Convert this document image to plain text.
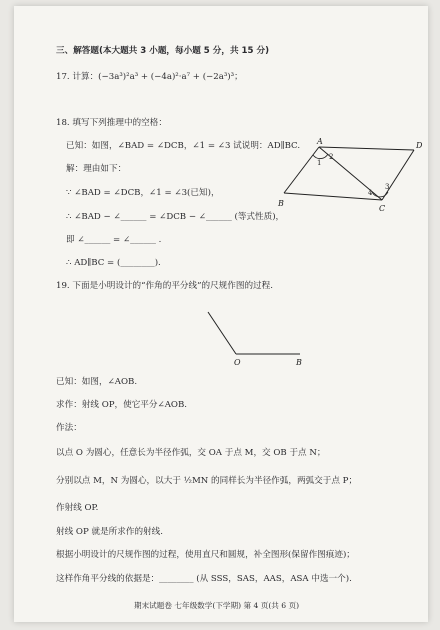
三、解答题(本大题共 3 小题，每小题 5 分，共 15 分)
17. 计算：(−3a³)²a³ + (−4a)²·a⁷ + (−2a³)³；
18. 填写下列推理中的空格：
已知：如图，∠BAD = ∠DCB，∠1 = ∠3 试说明：AD∥BC.
解：理由如下：
∵ ∠BAD = ∠DCB，∠1 = ∠3(已知)，
∴ ∠BAD − ∠______ = ∠DCB − ∠______ (等式性质)，
即 ∠______ = ∠______ .
∴ AD∥BC = (________).
A	D
B
C
1
2
3
4
19. 下面是小明设计的“作角的平分线”的尺规作图的过程.
O	B
已知：如图，∠AOB.
求作：射线 OP，使它平分∠AOB.
作法：
以点 O 为圆心，任意长为半径作弧，交 OA 于点 M，交 OB 于点 N；
分别以点 M，N 为圆心，以大于 ½MN 的同样长为半径作弧，两弧交于点 P；
作射线 OP.
射线 OP 就是所求作的射线.
根据小明设计的尺规作图的过程，使用直尺和圆规，补全图形(保留作图痕迹)；
这样作角平分线的依据是：________ (从 SSS，SAS，AAS，ASA 中选一个).
期末试题卷 七年级数学(下学期) 第 4 页(共 6 页)
